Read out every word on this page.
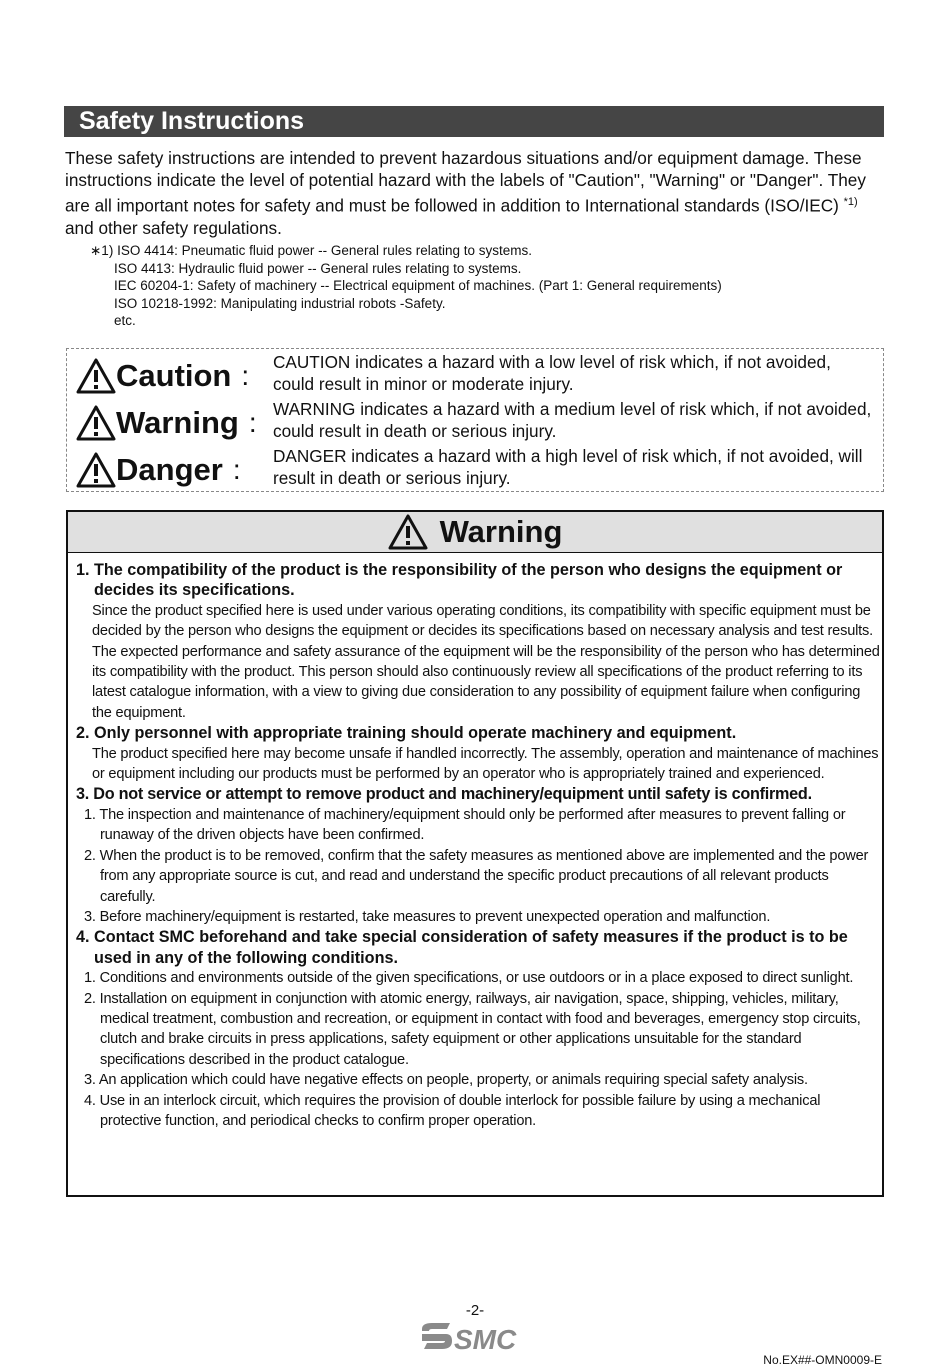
Safety Instructions

These safety instructions are intended to prevent hazardous situations and/or equipment damage. These instructions indicate the level of potential hazard with the labels of "Caution", "Warning" or "Danger". They are all important notes for safety and must be followed in addition to International standards (ISO/IEC) $^{*1)}$ and other safety regulations.

∗1) ISO 4414: Pneumatic fluid power -- General rules relating to systems.
ISO 4413: Hydraulic fluid power -- General rules relating to systems.
IEC 60204-1: Safety of machinery -- Electrical equipment of machines. (Part 1: General requirements)
ISO 10218-1992: Manipulating industrial robots -Safety.
etc.
Caution : CAUTION indicates a hazard with a low level of risk which, if not avoided, could result in minor or moderate injury.
Warning : WARNING indicates a hazard with a medium level of risk which, if not avoided, could result in death or serious injury.
Danger : DANGER indicates a hazard with a high level of risk which, if not avoided, will result in death or serious injury.
Warning

1. The compatibility of the product is the responsibility of the person who designs the equipment or decides its specifications.

Since the product specified here is used under various operating conditions, its compatibility with specific equipment must be decided by the person who designs the equipment or decides its specifications based on necessary analysis and test results. The expected performance and safety assurance of the equipment will be the responsibility of the person who has determined its compatibility with the product. This person should also continuously review all specifications of the product referring to its latest catalogue information, with a view to giving due consideration to any possibility of equipment failure when configuring the equipment.

2. Only personnel with appropriate training should operate machinery and equipment.

The product specified here may become unsafe if handled incorrectly. The assembly, operation and maintenance of machines or equipment including our products must be performed by an operator who is appropriately trained and experienced.

3. Do not service or attempt to remove product and machinery/equipment until safety is confirmed.

1. The inspection and maintenance of machinery/equipment should only be performed after measures to prevent falling or runaway of the driven objects have been confirmed.

2. When the product is to be removed, confirm that the safety measures as mentioned above are implemented and the power from any appropriate source is cut, and read and understand the specific product precautions of all relevant products carefully.

3. Before machinery/equipment is restarted, take measures to prevent unexpected operation and malfunction.

4. Contact SMC beforehand and take special consideration of safety measures if the product is to be used in any of the following conditions.

1. Conditions and environments outside of the given specifications, or use outdoors or in a place exposed to direct sunlight.

2. Installation on equipment in conjunction with atomic energy, railways, air navigation, space, shipping, vehicles, military, medical treatment, combustion and recreation, or equipment in contact with food and beverages, emergency stop circuits, clutch and brake circuits in press applications, safety equipment or other applications unsuitable for the standard specifications described in the product catalogue.

3. An application which could have negative effects on people, property, or animals requiring special safety analysis.

4. Use in an interlock circuit, which requires the provision of double interlock for possible failure by using a mechanical protective function, and periodical checks to confirm proper operation.

-2-
SMC
No.EX##-OMN0009-E
